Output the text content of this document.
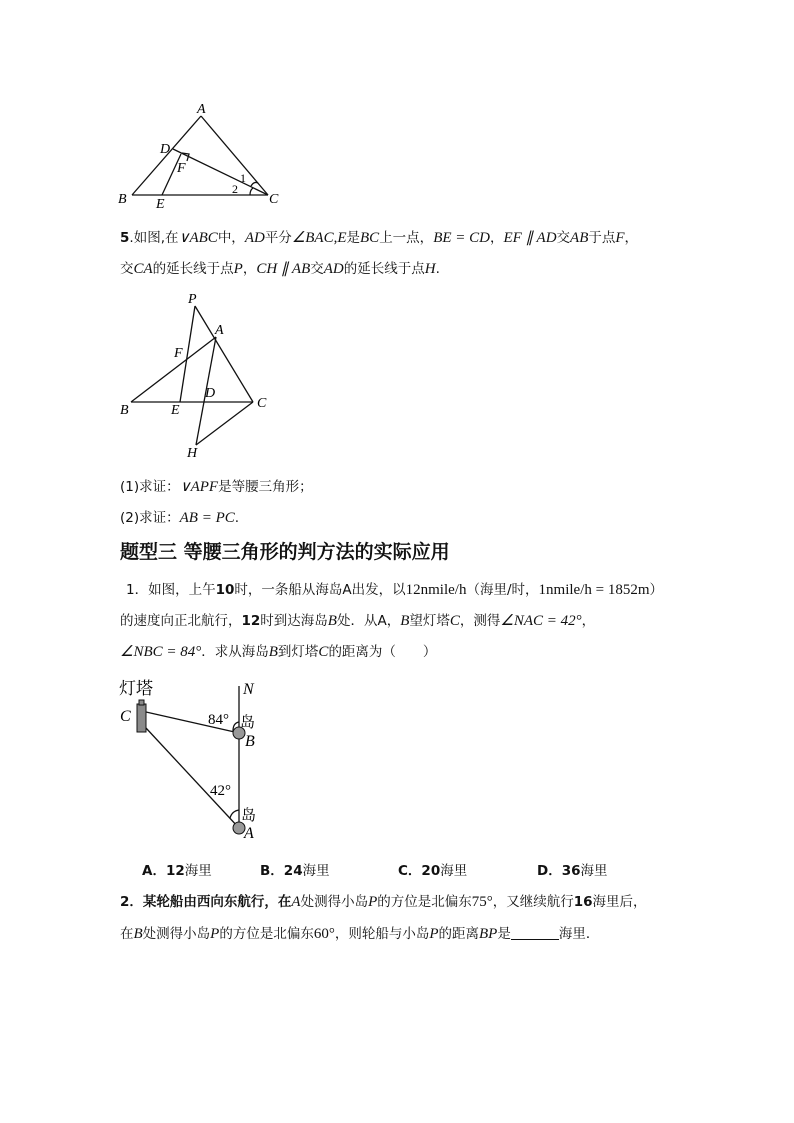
A
D
F
B E	C
1
2
5.如图,在∨ABC中，AD平分∠BAC,E是BC上一点，BE = CD，EF ∥ AD交AB于点F，
交CA的延长线于点P，CH ∥ AB交AD的延长线于点H.
P
A
F
D
B	E	C
H
(1)求证：∨APF是等腰三角形；
(2)求证：AB = PC.
题型三 等腰三角形的判方法的实际应用
1．如图，上午10时，一条船从海岛A出发，以12nmile/h（海里/时，1nmile/h = 1852m）
的速度向正北航行，12时到达海岛B处．从A，B望灯塔C，测得∠NAC = 42°，
∠NBC = 84°．求从海岛B到灯塔C的距离为（　　）
灯塔
C
N
84° 岛
B
42°
岛
A
A．12海里	B．24海里	C．20海里	D．36海里
2．某轮船由西向东航行，在A处测得小岛P的方位是北偏东75°，又继续航行16海里后，
在B处测得小岛P的方位是北偏东60°，则轮船与小岛P的距离BP是	海里．
